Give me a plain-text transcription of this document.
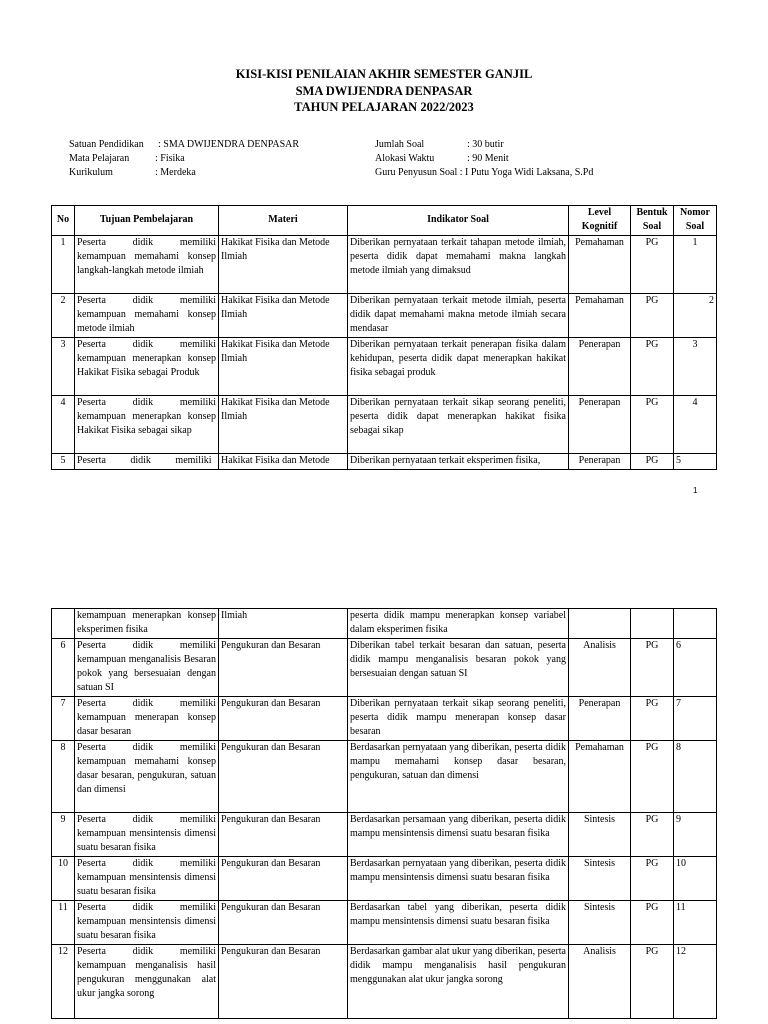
KISI-KISI PENILAIAN AKHIR SEMESTER GANJIL
SMA DWIJENDRA DENPASAR
TAHUN PELAJARAN 2022/2023
Satuan Pendidikan : SMA DWIJENDRA DENPASAR
Mata Pelajaran	: Fisika
Kurikulum	: Merdeka
Jumlah Soal	: 30 butir
Alokasi Waktu	: 90 Menit
Guru Penyusun Soal : I Putu Yoga Widi Laksana, S.Pd
No	Tujuan Pembelajaran	Materi	Indikator Soal	Level Kognitif	Bentuk Soal	Nomor Soal
1	Peserta didik memiliki kemampuan memahami konsep langkah-langkah metode ilmiah	Hakikat Fisika dan Metode Ilmiah	Diberikan pernyataan terkait tahapan metode ilmiah, peserta didik dapat memahami makna langkah metode ilmiah yang dimaksud	Pemahaman	PG	1
2	Peserta didik memiliki kemampuan memahami konsep metode ilmiah	Hakikat Fisika dan Metode Ilmiah	Diberikan pernyataan terkait metode ilmiah, peserta didik dapat memahami makna metode ilmiah secara mendasar	Pemahaman	PG	2
3	Peserta didik memiliki kemampuan menerapkan konsep Hakikat Fisika sebagai Produk	Hakikat Fisika dan Metode Ilmiah	Diberikan pernyataan terkait penerapan fisika dalam kehidupan, peserta didik dapat menerapkan hakikat fisika sebagai produk	Penerapan	PG	3
4	Peserta didik memiliki kemampuan menerapkan konsep Hakikat Fisika sebagai sikap	Hakikat Fisika dan Metode Ilmiah	Diberikan pernyataan terkait sikap seorang peneliti, peserta didik dapat menerapkan hakikat fisika sebagai sikap	Penerapan	PG	4
5	Peserta didik memiliki	Hakikat Fisika dan Metode	Diberikan pernyataan terkait eksperimen fisika,	Penerapan	PG	5
1
	kemampuan menerapkan konsep eksperimen fisika	Ilmiah	peserta didik mampu menerapkan konsep variabel dalam eksperimen fisika			
6	Peserta didik memiliki kemampuan menganalisis Besaran pokok yang bersesuaian dengan satuan SI	Pengukuran dan Besaran	Diberikan tabel terkait besaran dan satuan, peserta didik mampu menganalisis besaran pokok yang bersesuaian dengan satuan SI	Analisis	PG	6
7	Peserta didik memiliki kemampuan menerapan konsep dasar besaran	Pengukuran dan Besaran	Diberikan pernyataan terkait sikap seorang peneliti, peserta didik mampu menerapan konsep dasar besaran	Penerapan	PG	7
8	Peserta didik memiliki kemampuan memahami konsep dasar besaran, pengukuran, satuan dan dimensi	Pengukuran dan Besaran	Berdasarkan pernyataan yang diberikan, peserta didik mampu memahami konsep dasar besaran, pengukuran, satuan dan dimensi	Pemahaman	PG	8
9	Peserta didik memiliki kemampuan mensintensis dimensi suatu besaran fisika	Pengukuran dan Besaran	Berdasarkan persamaan yang diberikan, peserta didik mampu mensintensis dimensi suatu besaran fisika	Sintesis	PG	9
10	Peserta didik memiliki kemampuan mensintensis dimensi suatu besaran fisika	Pengukuran dan Besaran	Berdasarkan pernyataan yang diberikan, peserta didik mampu mensintensis dimensi suatu besaran fisika	Sintesis	PG	10
11	Peserta didik memiliki kemampuan mensintensis dimensi suatu besaran fisika	Pengukuran dan Besaran	Berdasarkan tabel yang diberikan, peserta didik mampu mensintensis dimensi suatu besaran fisika	Sintesis	PG	11
12	Peserta didik memiliki kemampuan menganalisis hasil pengukuran menggunakan alat ukur jangka sorong	Pengukuran dan Besaran	Berdasarkan gambar alat ukur yang diberikan, peserta didik mampu menganalisis hasil pengukuran menggunakan alat ukur jangka sorong	Analisis	PG	12
